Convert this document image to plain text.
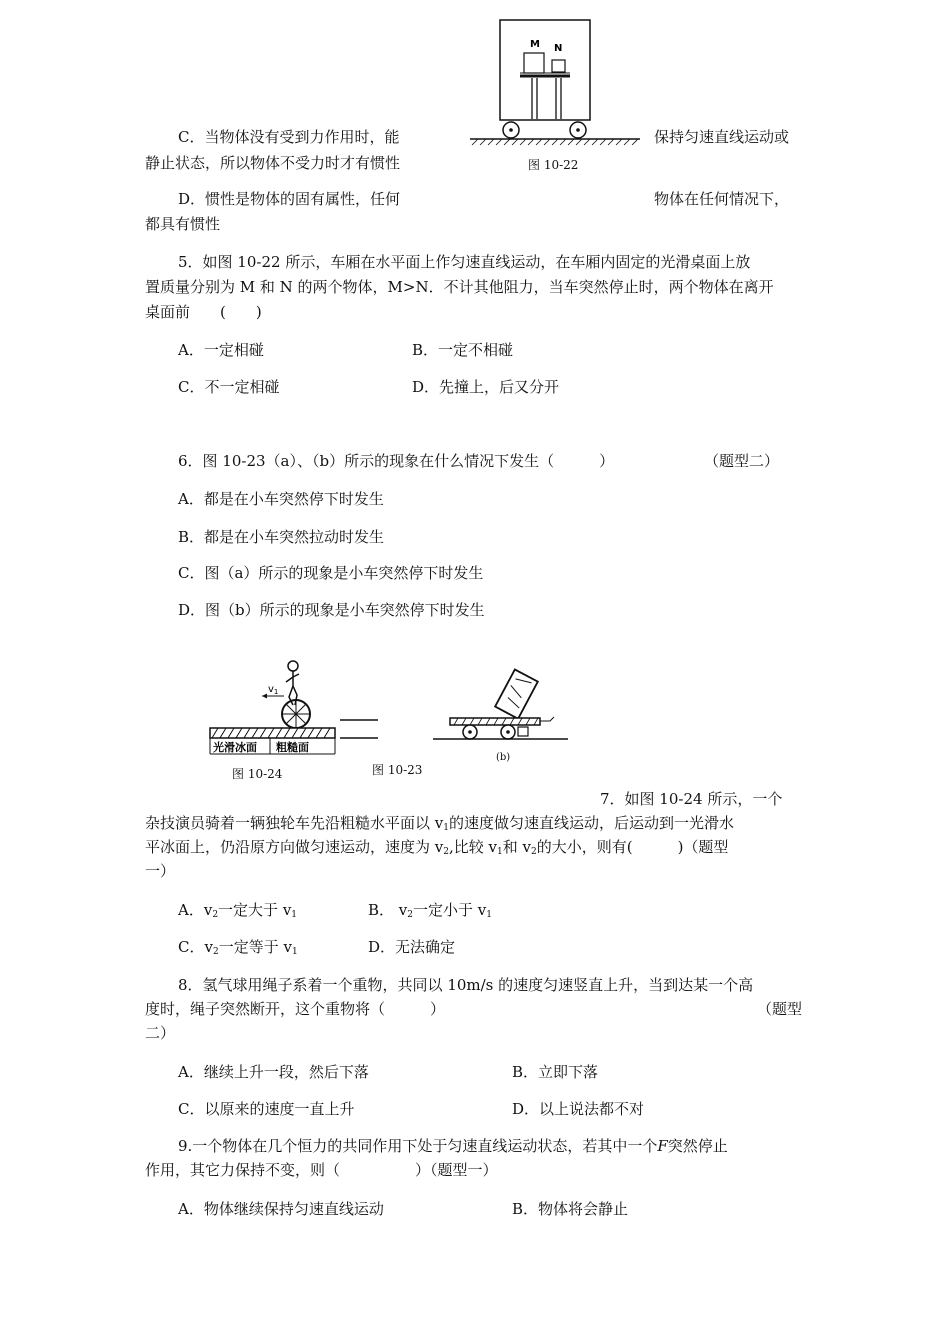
M N
图 10-22
C．当物体没有受到力作用时，能	保持匀速直线运动或
静止状态，所以物体不受力时才有惯性
D．惯性是物体的固有属性，任何	物体在任何情况下，
都具有惯性
5．如图 10-22 所示，车厢在水平面上作匀速直线运动，在车厢内固定的光滑桌面上放
置质量分别为 M 和 N 的两个物体，M>N．不计其他阻力，当车突然停止时，两个物体在离开
桌面前　　(　　)
A．一定相碰	B．一定不相碰
C．不一定相碰	D．先撞上，后又分开
6．图 10-23（a）、（b）所示的现象在什么情况下发生（　　　）	（题型二）
A．都是在小车突然停下时发生
B．都是在小车突然拉动时发生
C．图（a）所示的现象是小车突然停下时发生
D．图（b）所示的现象是小车突然停下时发生
$v_1$
光滑冰面 粗糙面
图 10-24	图 10-23
(b)
7．如图 10-24 所示，一个
杂技演员骑着一辆独轮车先沿粗糙水平面以 $v_1$的速度做匀速直线运动，后运动到一光滑水
平冰面上，仍沿原方向做匀速运动，速度为 $v_2$,比较 $v_1$和 $v_2$的大小，则有(　　　)（题型
一）
A．$v_2$一定大于 $v_1$	B． $v_2$一定小于 $v_1$
C．$v_2$一定等于 $v_1$	D．无法确定
8．氢气球用绳子系着一个重物，共同以 10m/s 的速度匀速竖直上升，当到达某一个高
度时，绳子突然断开，这个重物将（　　　）	（题型
二）
A．继续上升一段，然后下落	B．立即下落
C．以原来的速度一直上升	D．以上说法都不对
9.一个物体在几个恒力的共同作用下处于匀速直线运动状态，若其中一个F突然停止
作用，其它力保持不变，则（　　　　　）（题型一）
A．物体继续保持匀速直线运动	B．物体将会静止
